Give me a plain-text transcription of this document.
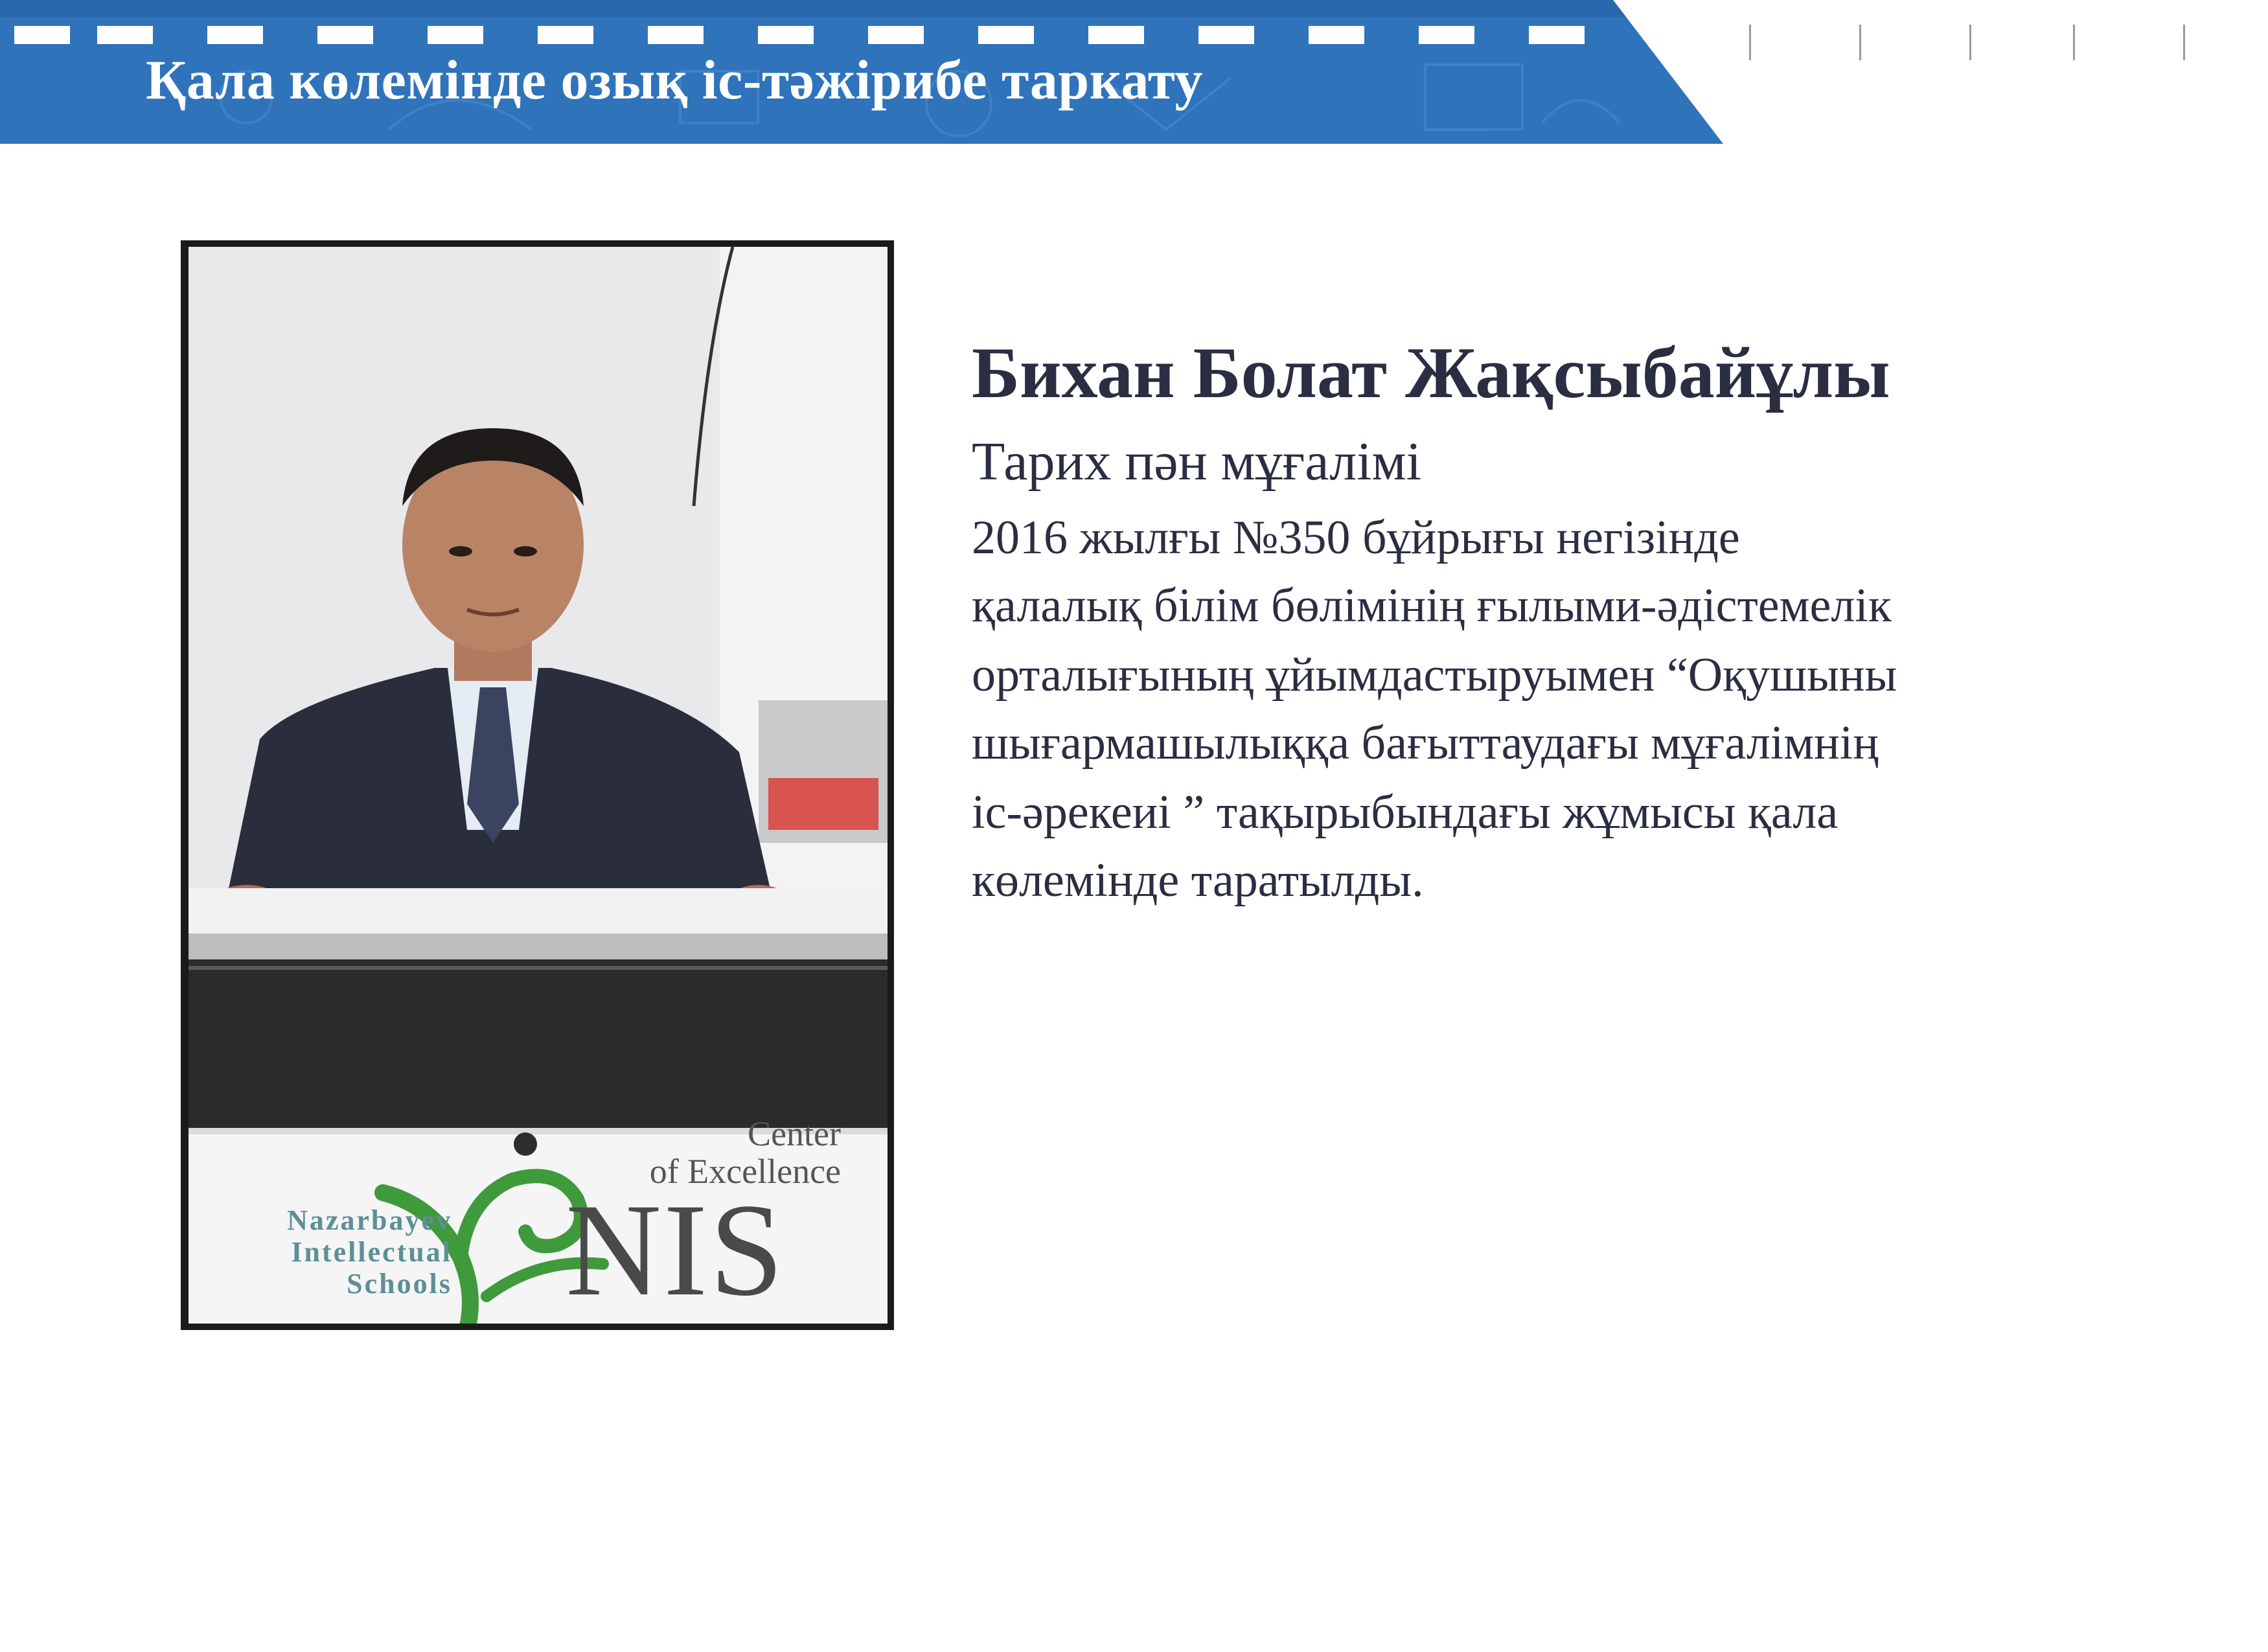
Қала көлемінде озық іс-тәжірибе таркату
Nazarbayev
Intellectual
Schools
Center
of Excellence
NIS
Бихан Болат Жақсыбайұлы
Тарих пән мұғалімі
2016 жылғы №350 бұйрығы негізінде
қалалық білім бөлімінің ғылыми-әдістемелік
орталығының ұйымдастыруымен “Оқушыны
шығармашылыққа бағыттаудағы мұғалімнің
іс-әрекеиі ” тақырыбындағы жұмысы қала
көлемінде таратылды.
